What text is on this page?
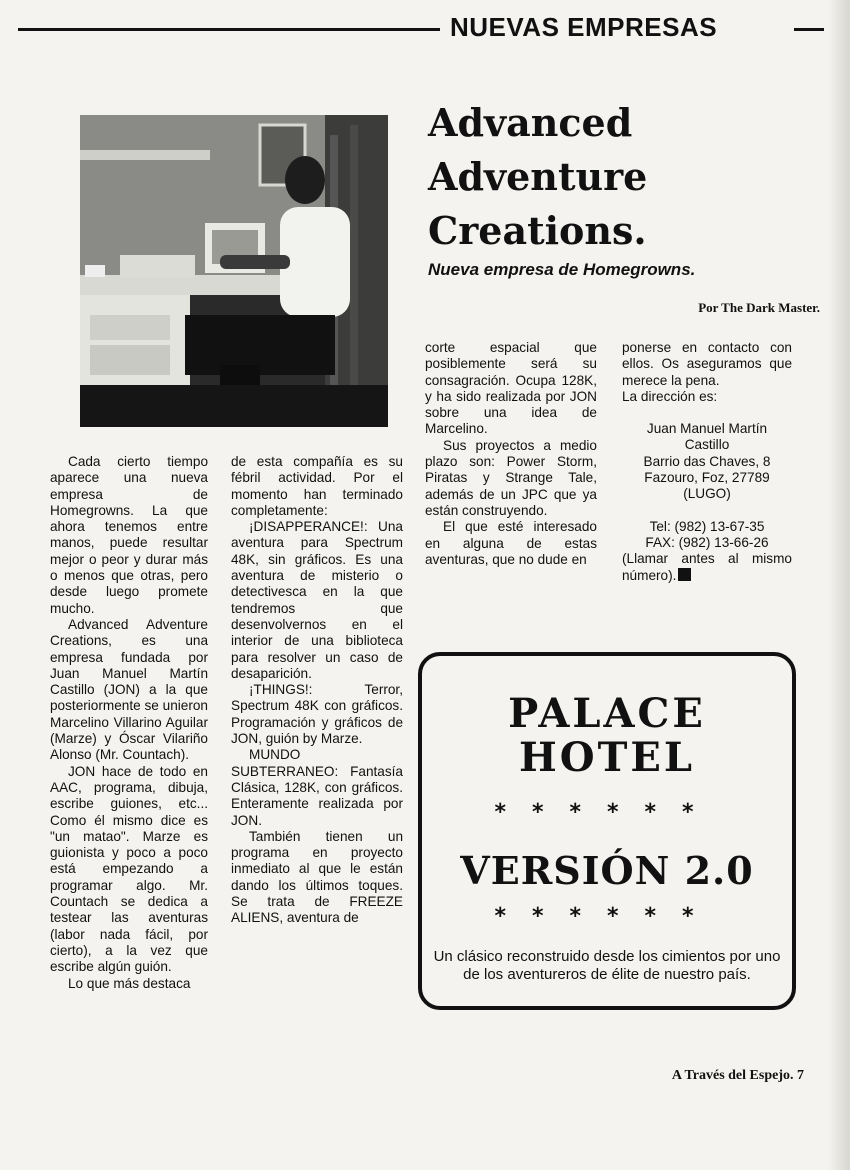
NUEVAS EMPRESAS
Advanced
Adventure
Creations.
Nueva empresa de Homegrowns.
Por The Dark Master.

Cada cierto tiempo aparece una nueva empresa de Homegrowns. La que ahora tenemos entre manos, puede resultar mejor o peor y durar más o menos que otras, pero desde luego promete mucho.

Advanced Adventure Creations, es una empresa fundada por Juan Manuel Martín Castillo (JON) a la que posteriormente se unieron Marcelino Villarino Aguilar (Marze) y Óscar Vilariño Alonso (Mr. Countach).

JON hace de todo en AAC, programa, dibuja, escribe guiones, etc... Como él mismo dice es "un matao". Marze es guionista y poco a poco está empezando a programar algo. Mr. Countach se dedica a testear las aventuras (labor nada fácil, por cierto), a la vez que escribe algún guión.

Lo que más destaca

de esta compañía es su fébril actividad. Por el momento han terminado completamente:

¡DISAPPERANCE!: Una aventura para Spectrum 48K, sin gráficos. Es una aventura de misterio o detectivesca en la que tendremos que desenvolvernos en el interior de una biblioteca para resolver un caso de desaparición.

¡THINGS!: Terror, Spectrum 48K con gráficos. Programación y gráficos de JON, guión by Marze.

MUNDO SUBTERRANEO: Fantasía Clásica, 128K, con gráficos. Enteramente realizada por JON.

También tienen un programa en proyecto inmediato al que le están dando los últimos toques. Se trata de FREEZE ALIENS, aventura de

corte espacial que posiblemente será su consagración. Ocupa 128K, y ha sido realizada por JON sobre una idea de Marcelino.

Sus proyectos a medio plazo son: Power Storm, Piratas y Strange Tale, además de un JPC que ya están construyendo.

El que esté interesado en alguna de estas aventuras, que no dude en

ponerse en contacto con ellos. Os aseguramos que merece la pena.

La dirección es:

Juan Manuel Martín

Castillo

Barrio das Chaves, 8

Fazouro, Foz, 27789

(LUGO)

Tel: (982) 13-67-35

FAX: (982) 13-66-26

(Llamar antes al mismo número).

PALACE
HOTEL
******
VERSIÓN 2.0
******
Un clásico reconstruido desde los cimientos por uno de los aventureros de élite de nuestro país.
A Través del Espejo. 7
